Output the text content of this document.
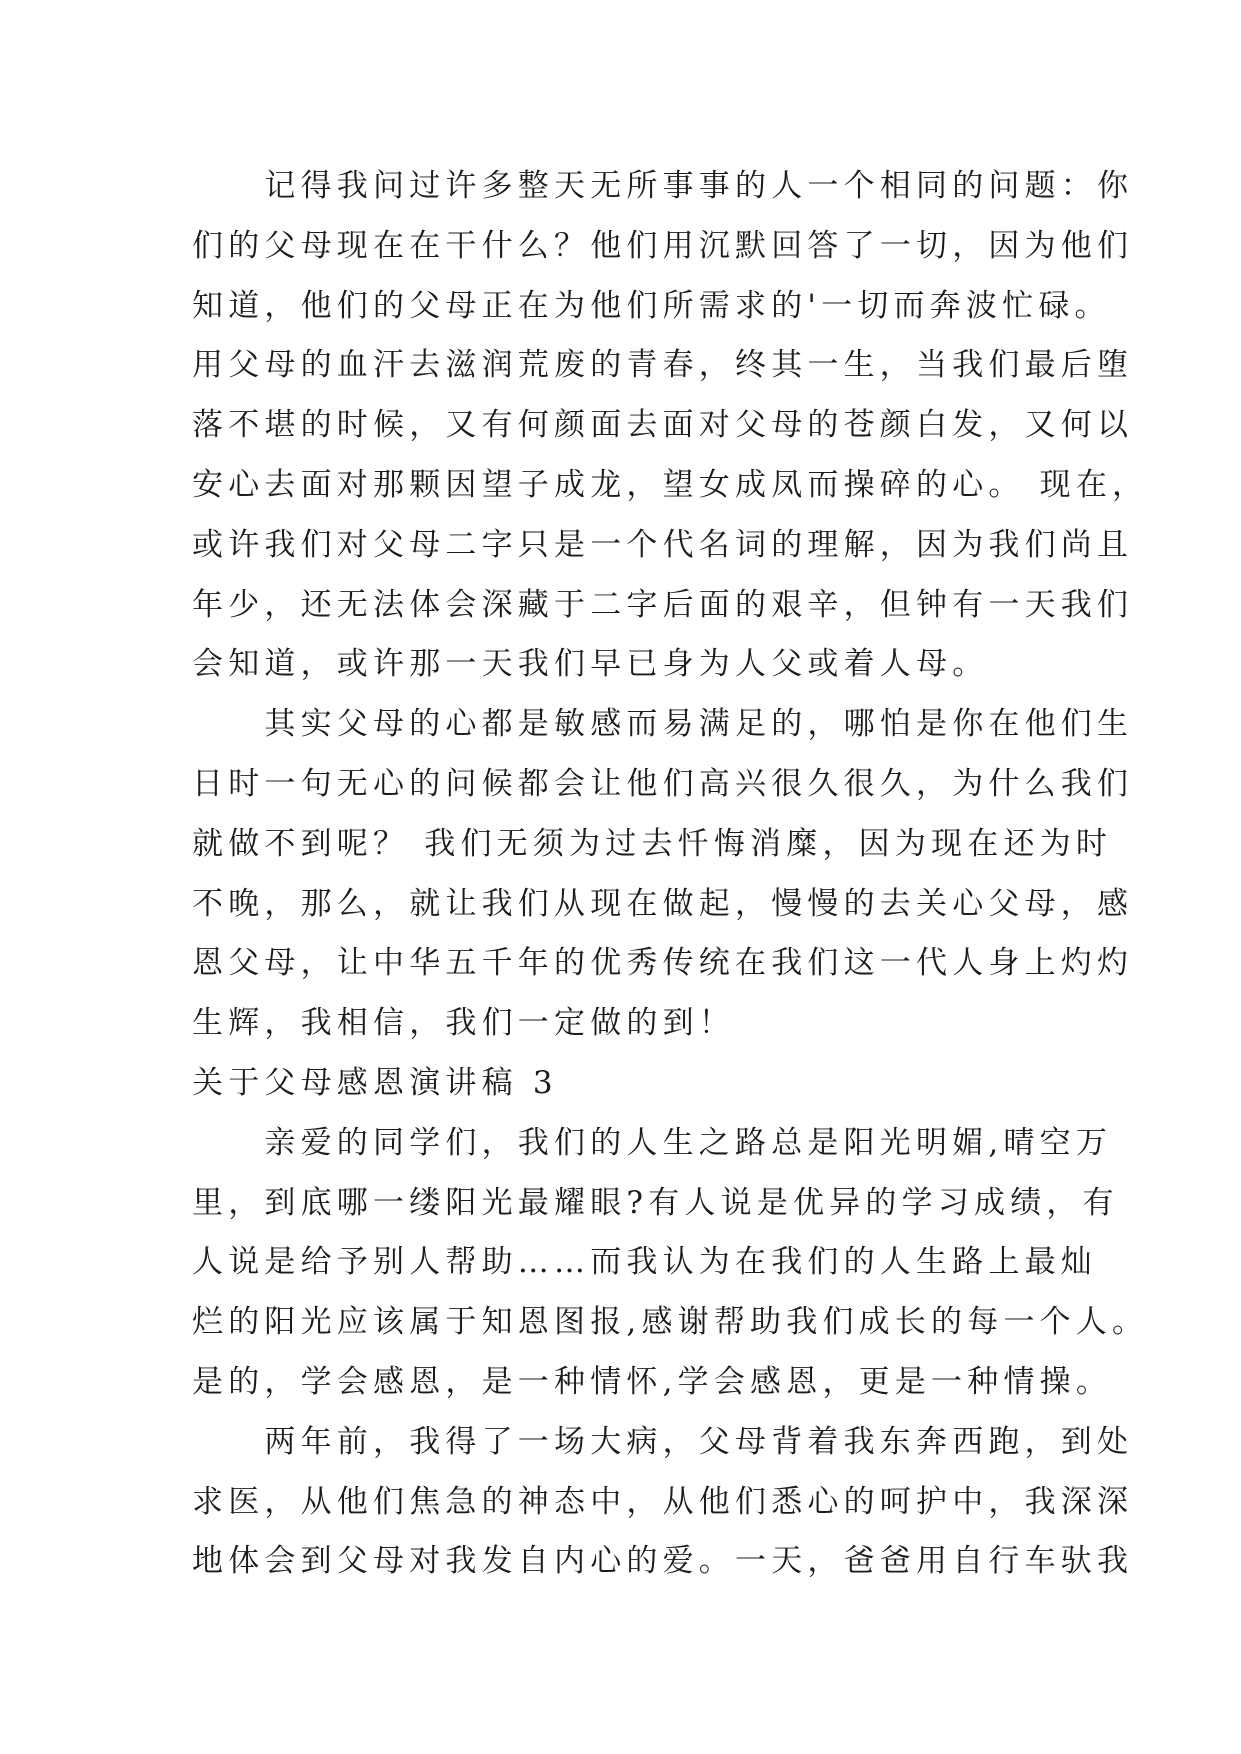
　　记得我问过许多整天无所事事的人一个相同的问题：你
们的父母现在在干什么？他们用沉默回答了一切，因为他们
知道，他们的父母正在为他们所需求的'一切而奔波忙碌。
用父母的血汗去滋润荒废的青春，终其一生，当我们最后堕
落不堪的时候，又有何颜面去面对父母的苍颜白发，又何以
安心去面对那颗因望子成龙，望女成凤而操碎的心。 现在，
或许我们对父母二字只是一个代名词的理解，因为我们尚且
年少，还无法体会深藏于二字后面的艰辛，但钟有一天我们
会知道，或许那一天我们早已身为人父或着人母。
　　其实父母的心都是敏感而易满足的，哪怕是你在他们生
日时一句无心的问候都会让他们高兴很久很久，为什么我们
就做不到呢？ 我们无须为过去忏悔消糜，因为现在还为时
不晚，那么，就让我们从现在做起，慢慢的去关心父母，感
恩父母，让中华五千年的优秀传统在我们这一代人身上灼灼
生辉，我相信，我们一定做的到！
关于父母感恩演讲稿 3
　　亲爱的同学们，我们的人生之路总是阳光明媚,晴空万
里，到底哪一缕阳光最耀眼?有人说是优异的学习成绩，有
人说是给予别人帮助……而我认为在我们的人生路上最灿
烂的阳光应该属于知恩图报,感谢帮助我们成长的每一个人。
是的，学会感恩，是一种情怀,学会感恩，更是一种情操。
　　两年前，我得了一场大病，父母背着我东奔西跑，到处
求医，从他们焦急的神态中，从他们悉心的呵护中，我深深
地体会到父母对我发自内心的爱。一天，爸爸用自行车驮我
